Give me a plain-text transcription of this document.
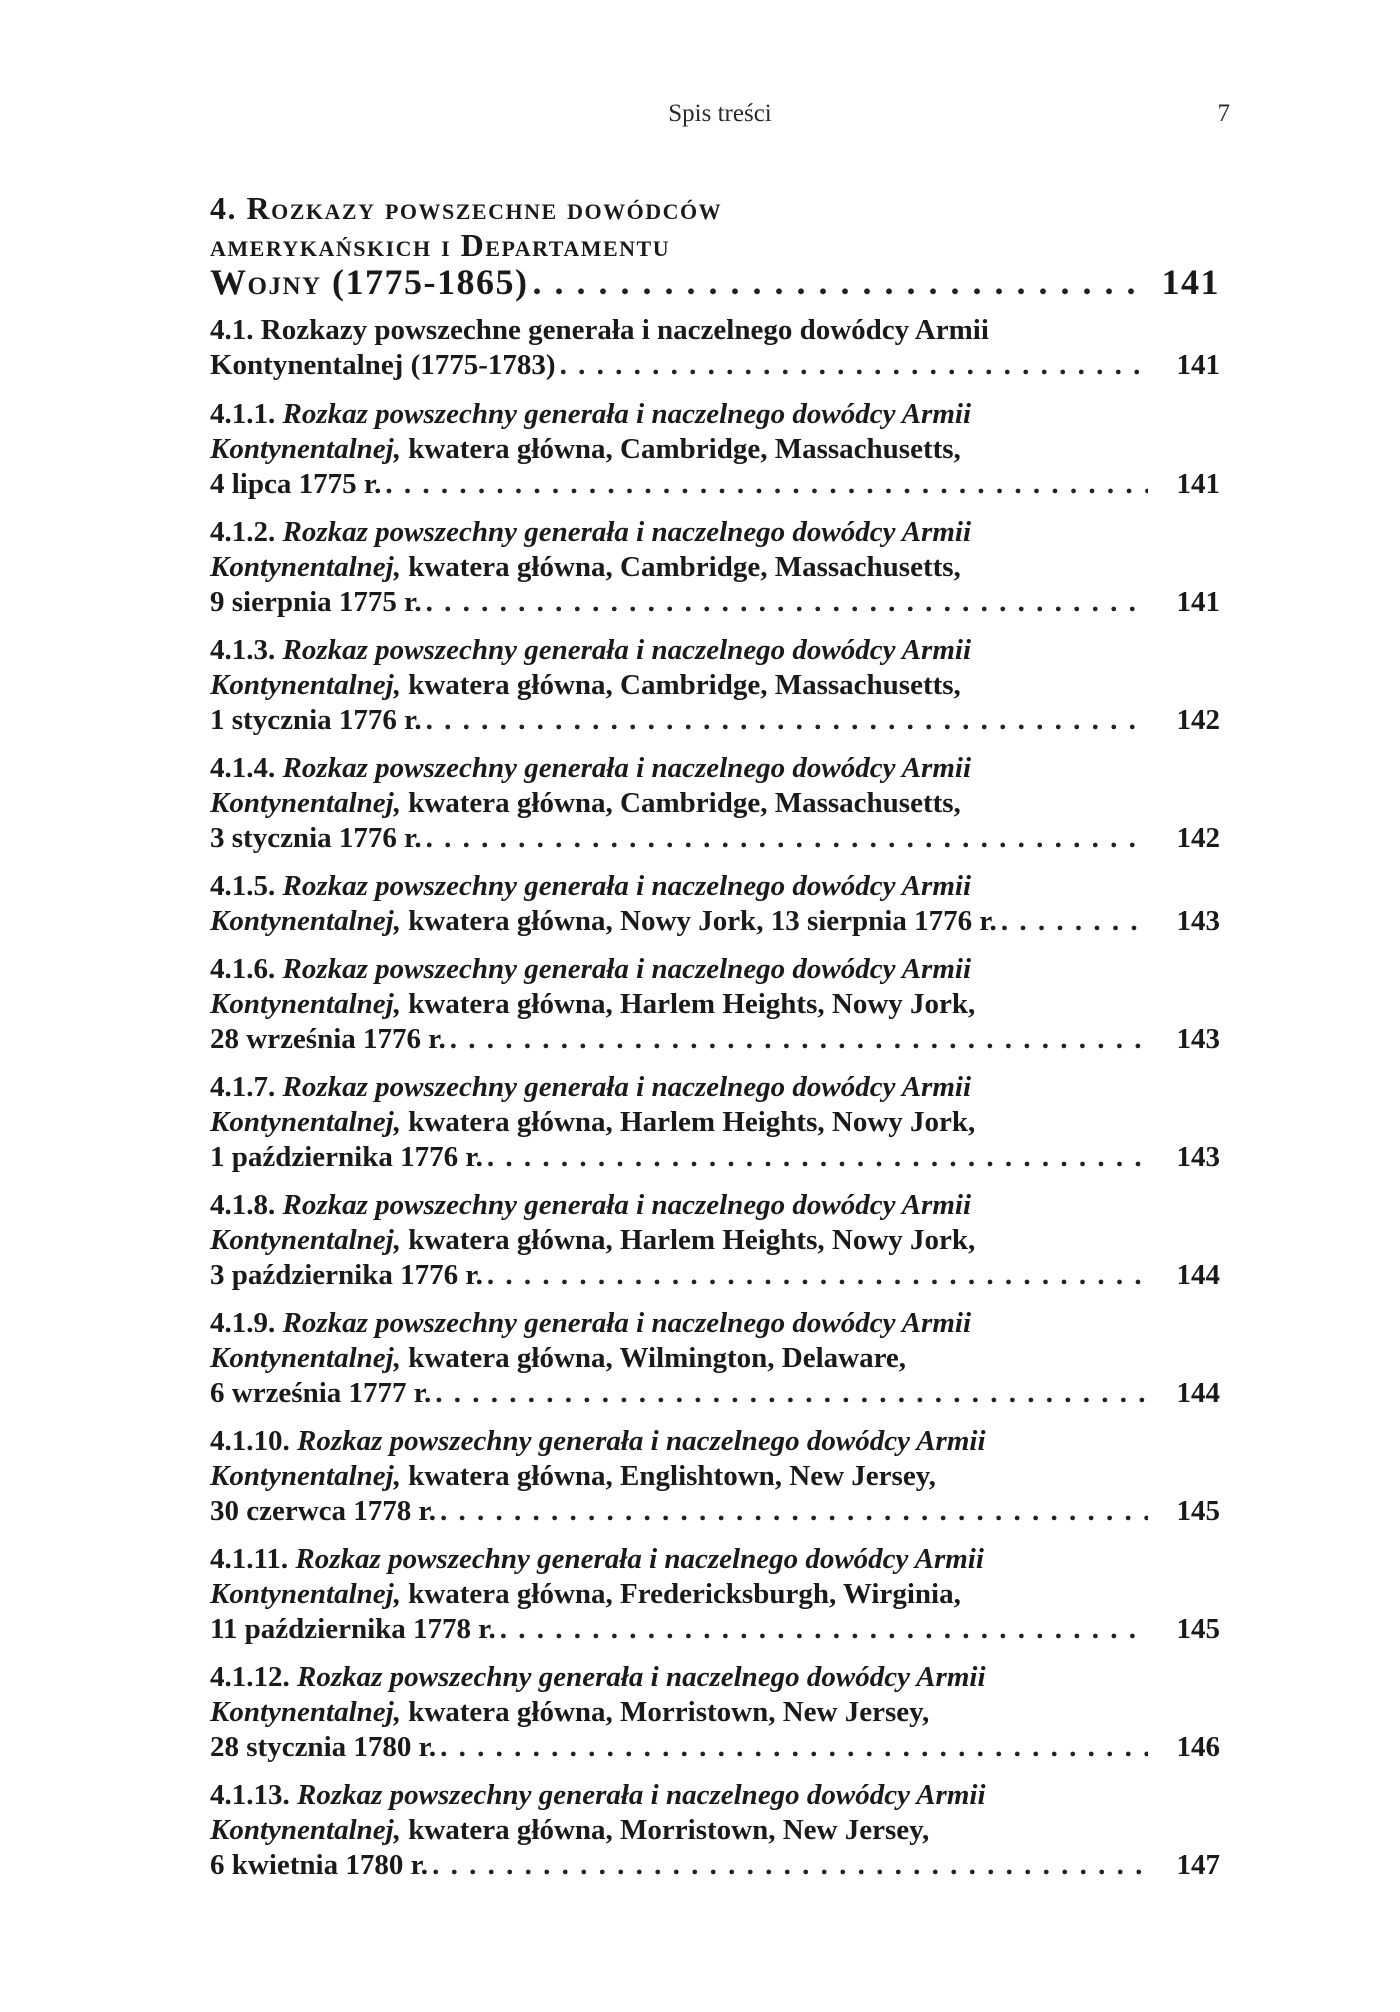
Spis treści	7
4. Rozkazy powszechne dowódców
amerykańskich i Departamentu
Wojny (1775-1865) . . .	141
4.1. Rozkazy powszechne generała i naczelnego dowódcy Armii
Kontynentalnej (1775-1783) . . .	141
4.1.1. Rozkaz powszechny generała i naczelnego dowódcy Armii
Kontynentalnej, kwatera główna, Cambridge, Massachusetts,
4 lipca 1775 r. . . .	141
4.1.2. Rozkaz powszechny generała i naczelnego dowódcy Armii
Kontynentalnej, kwatera główna, Cambridge, Massachusetts,
9 sierpnia 1775 r. . . .	141
4.1.3. Rozkaz powszechny generała i naczelnego dowódcy Armii
Kontynentalnej, kwatera główna, Cambridge, Massachusetts,
1 stycznia 1776 r. . . .	142
4.1.4. Rozkaz powszechny generała i naczelnego dowódcy Armii
Kontynentalnej, kwatera główna, Cambridge, Massachusetts,
3 stycznia 1776 r. . . .	142
4.1.5. Rozkaz powszechny generała i naczelnego dowódcy Armii
Kontynentalnej, kwatera główna, Nowy Jork, 13 sierpnia 1776 r. . . .	143
4.1.6. Rozkaz powszechny generała i naczelnego dowódcy Armii
Kontynentalnej, kwatera główna, Harlem Heights, Nowy Jork,
28 września 1776 r. . . .	143
4.1.7. Rozkaz powszechny generała i naczelnego dowódcy Armii
Kontynentalnej, kwatera główna, Harlem Heights, Nowy Jork,
1 października 1776 r. . . .	143
4.1.8. Rozkaz powszechny generała i naczelnego dowódcy Armii
Kontynentalnej, kwatera główna, Harlem Heights, Nowy Jork,
3 października 1776 r. . . .	144
4.1.9. Rozkaz powszechny generała i naczelnego dowódcy Armii
Kontynentalnej, kwatera główna, Wilmington, Delaware,
6 września 1777 r. . . .	144
4.1.10. Rozkaz powszechny generała i naczelnego dowódcy Armii
Kontynentalnej, kwatera główna, Englishtown, New Jersey,
30 czerwca 1778 r. . . .	145
4.1.11. Rozkaz powszechny generała i naczelnego dowódcy Armii
Kontynentalnej, kwatera główna, Fredericksburgh, Wirginia,
11 października 1778 r. . . .	145
4.1.12. Rozkaz powszechny generała i naczelnego dowódcy Armii
Kontynentalnej, kwatera główna, Morristown, New Jersey,
28 stycznia 1780 r. . . .	146
4.1.13. Rozkaz powszechny generała i naczelnego dowódcy Armii
Kontynentalnej, kwatera główna, Morristown, New Jersey,
6 kwietnia 1780 r. . . .	147
